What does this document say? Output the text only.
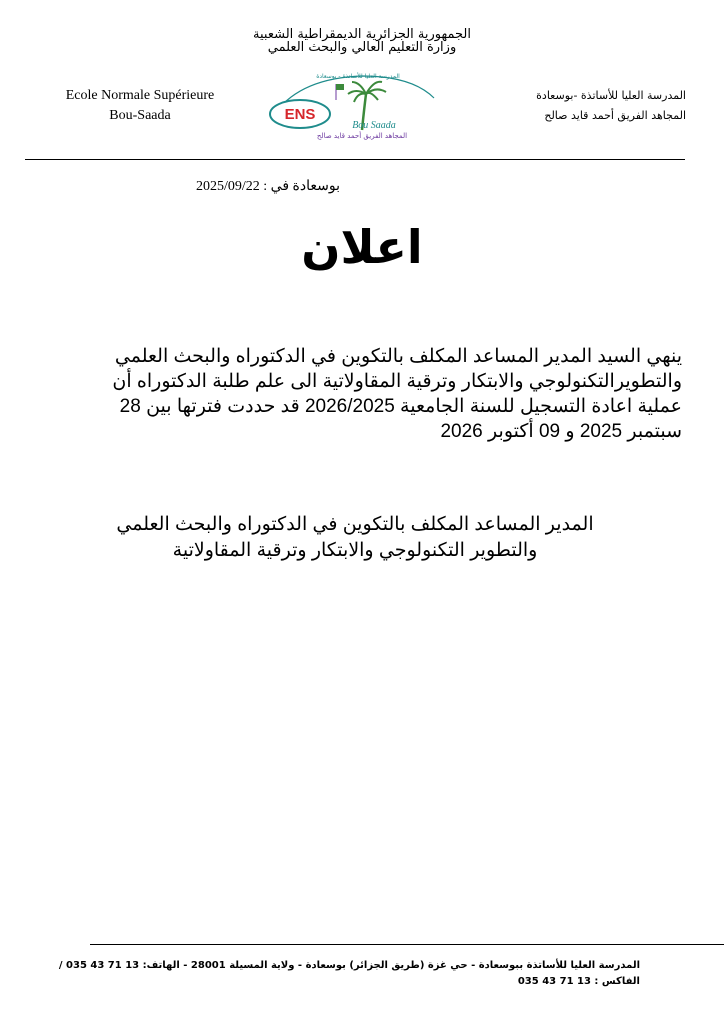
الجمهورية الجزائرية الديمقراطية الشعبية
وزارة التعليم العالي والبحث العلمي
Ecole Normale Supérieure
Bou-Saada
المدرسة العليا للأساتذة -بوسعادة
المجاهد الفريق أحمد قايد صالح
المدرسة العليا للأساتذة - بوسعادة
ENS
Bou Saada
المجاهد الفريق أحمد قايد صالح
بوسعادة في : 2025/09/22
اعلان
ينهي السيد المدير المساعد المكلف بالتكوين في الدكتوراه والبحث العلمي
والتطويرالتكنولوجي والابتكار وترقية المقاولاتية الى علم طلبة الدكتوراه أن
عملية اعادة التسجيل للسنة الجامعية 2026/2025 قد حددت فترتها بين 28
سبتمبر 2025 و 09 أكتوبر 2026
المدير المساعد المكلف بالتكوين في الدكتوراه والبحث العلمي
والتطوير التكنولوجي والابتكار وترقية المقاولاتية
المدرسة العليا للأساتذة ببوسعادة - حي غزة (طريق الجزائر) بوسعادة - ولاية المسيلة 28001 - الهاتف: 13 71 43 035 /
الفاكس : 13 71 43 035
